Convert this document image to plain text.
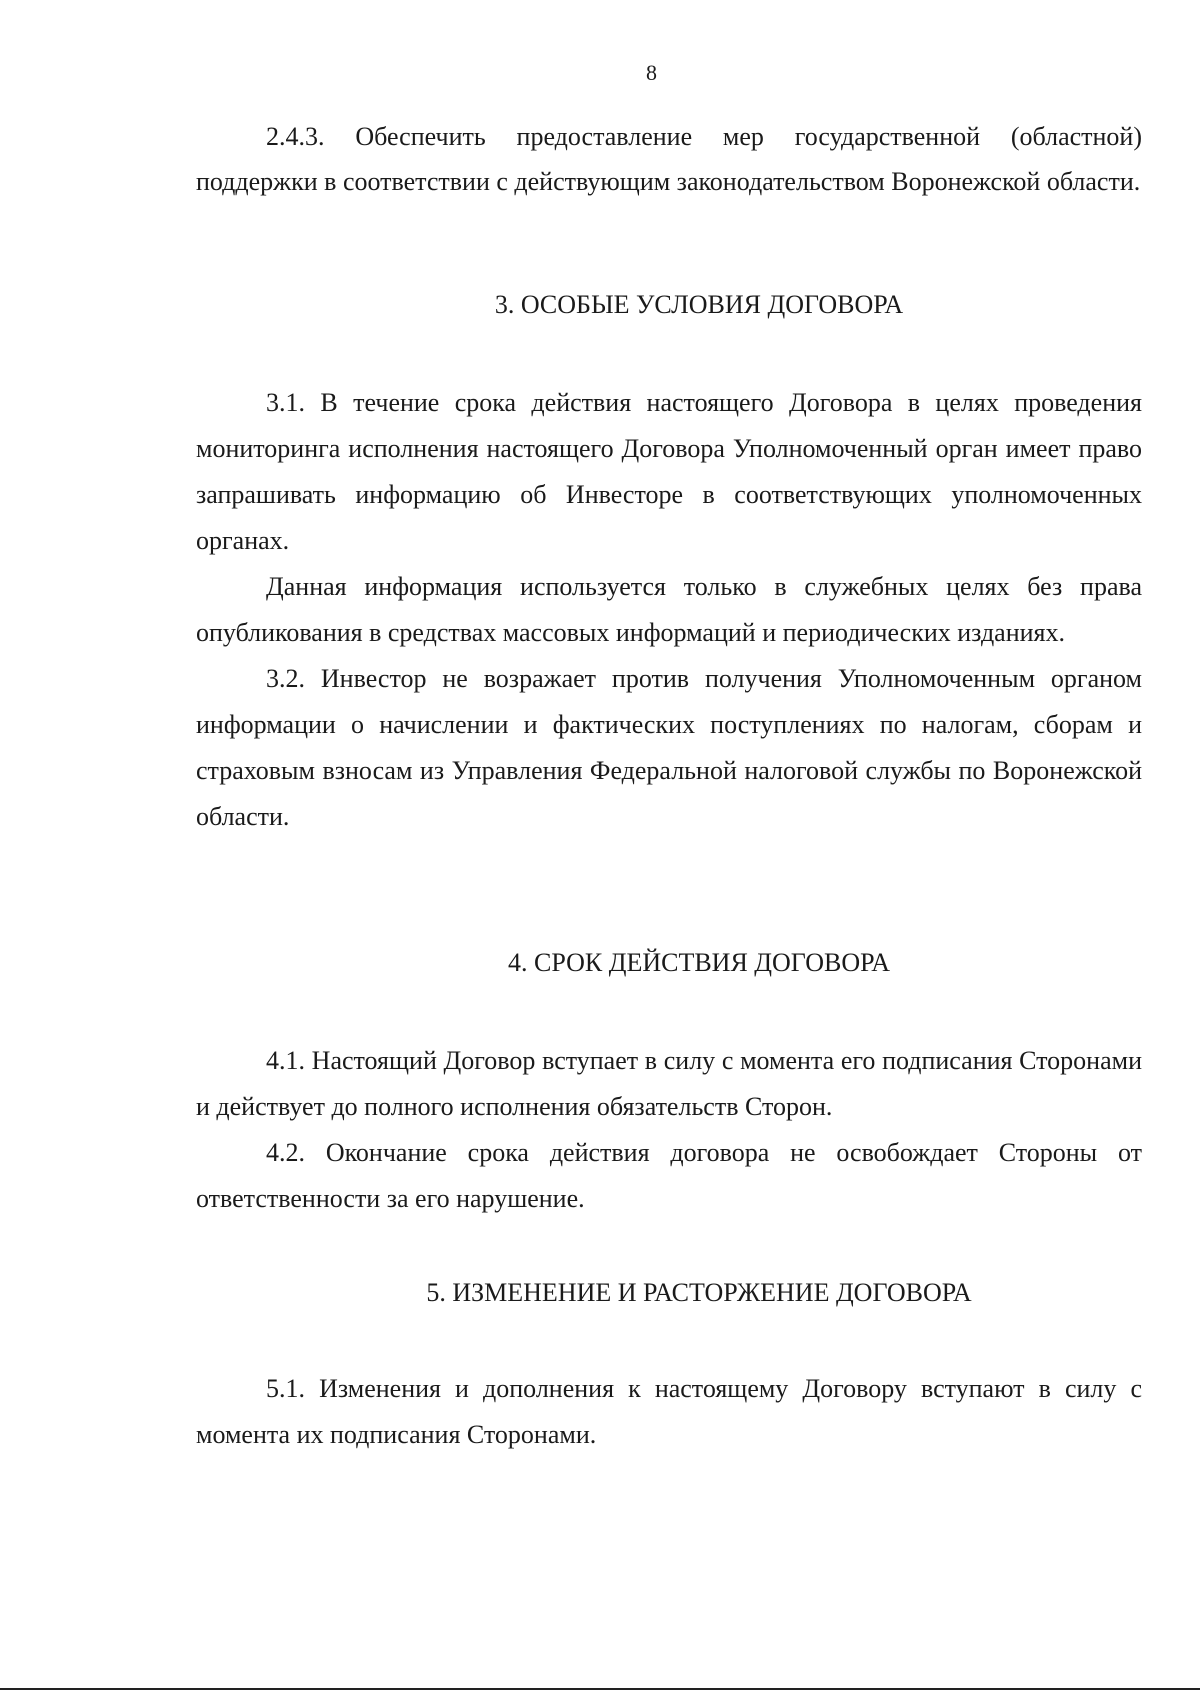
8

2.4.3. Обеспечить предоставление мер государственной (областной) поддержки в соответствии с действующим законодательством Воронежской области.

3. ОСОБЫЕ УСЛОВИЯ ДОГОВОРА

3.1. В течение срока действия настоящего Договора в целях проведения мониторинга исполнения настоящего Договора Уполномоченный орган имеет право запрашивать информацию об Инвесторе в соответствующих уполномоченных органах.

Данная информация используется только в служебных целях без права опубликования в средствах массовых информаций и периодических изданиях.

3.2. Инвестор не возражает против получения Уполномоченным органом информации о начислении и фактических поступлениях по налогам, сборам и страховым взносам из Управления Федеральной налоговой службы по Воронежской области.

4. СРОК ДЕЙСТВИЯ ДОГОВОРА

4.1. Настоящий Договор вступает в силу с момента его подписания Сторонами и действует до полного исполнения обязательств Сторон.

4.2. Окончание срока действия договора не освобождает Стороны от ответственности за его нарушение.

5. ИЗМЕНЕНИЕ И РАСТОРЖЕНИЕ ДОГОВОРА

5.1. Изменения и дополнения к настоящему Договору вступают в силу с момента их подписания Сторонами.
